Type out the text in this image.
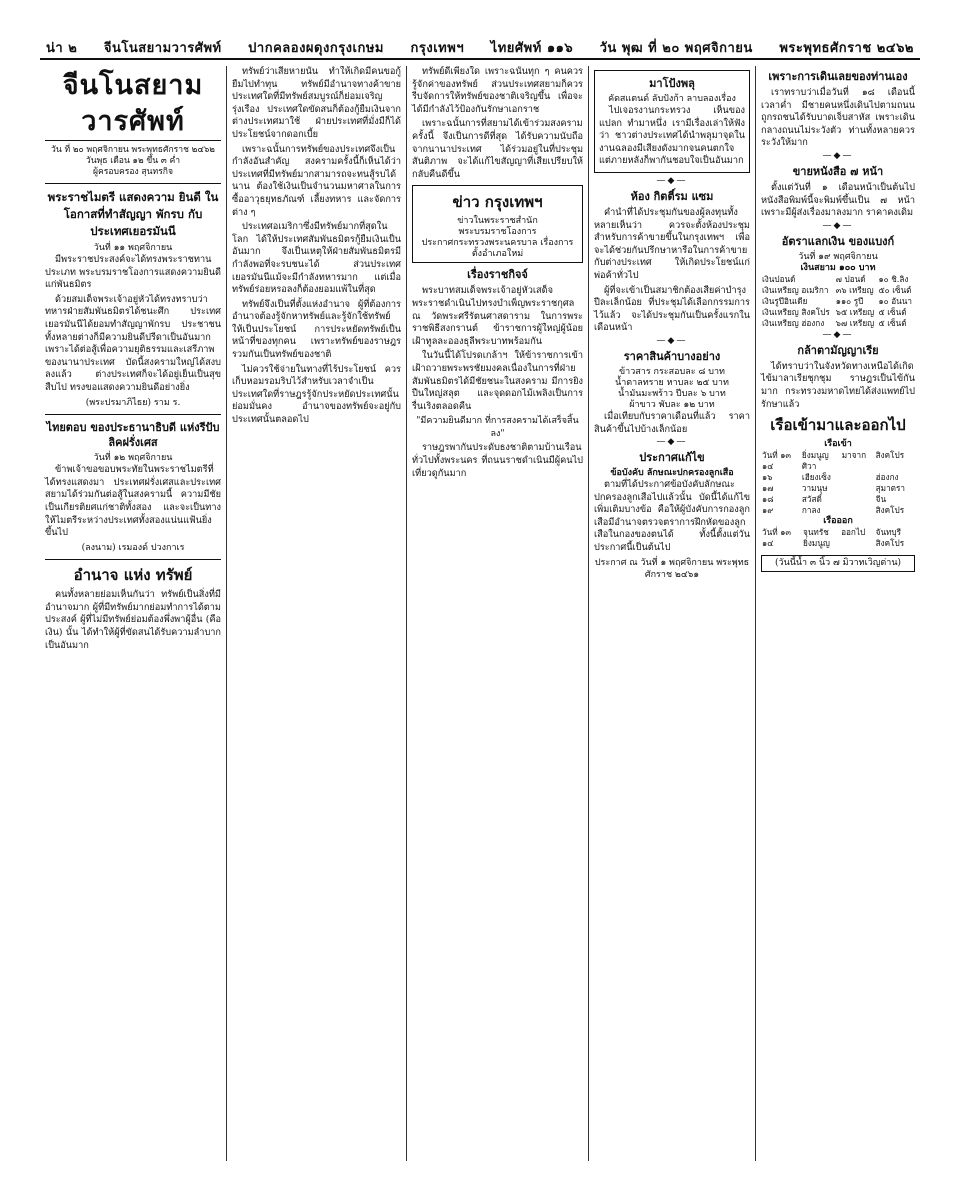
น่า ๒ จีนโนสยามวารศัพท์ ปากคลองผดุงกรุงเกษม กรุงเทพฯ ไทยศัพท์ ๑๑๖ วัน พุฒ ที่ ๒๐ พฤศจิกายน พระพุทธศักราช ๒๔๖๒
จีนโนสยามวารศัพท์
วัน ที่ ๒๐ พฤศจิกายน พระพุทธศักราช ๒๔๖๒
วันพุธ เดือน ๑๒ ขึ้น ๓ ค่ำ
ผู้ครอบครอง สุนทรกิจ
พระราชไมตรี แสดงความ ยินดี ในโอกาสที่ทำสัญญา พักรบ กับ ประเทศเยอรมันนี
วันที่ ๑๑ พฤศจิกายน

มีพระราชประสงค์จะได้ทรงพระราชทานประเภท พระบรมราชโองการแสดงความยินดีแก่พันธมิตร

ด้วยสมเด็จพระเจ้าอยู่หัวได้ทรงทราบว่า ทหารฝ่ายสัมพันธมิตรได้ชนะศึก ประเทศเยอรมันนีได้ยอมทำสัญญาพักรบ ประชาชนทั้งหลายต่างก็มีความยินดีปรีดาเป็นอันมาก เพราะได้ต่อสู้เพื่อความยุติธรรมและเสรีภาพของนานาประเทศ บัดนี้สงครามใหญ่ได้สงบลงแล้ว ต่างประเทศก็จะได้อยู่เย็นเป็นสุขสืบไป ทรงขอแสดงความยินดีอย่างยิ่ง

(พระปรมาภิไธย) ราม ร.
ไทยตอบ ของประธานาธิบดี แห่งรีปับลิคฝรั่งเศส
วันที่ ๑๒ พฤศจิกายน

ข้าพเจ้าขอขอบพระทัยในพระราชไมตรีที่ได้ทรงแสดงมา ประเทศฝรั่งเศสและประเทศสยามได้ร่วมกันต่อสู้ในสงครามนี้ ความมีชัยเป็นเกียรติยศแก่ชาติทั้งสอง และจะเป็นทางให้ไมตรีระหว่างประเทศทั้งสองแน่นแฟ้นยิ่งขึ้นไป

(ลงนาม) เรมองด์ ปวงกาเร
อำนาจ แห่ง ทรัพย์

คนทั้งหลายย่อมเห็นกันว่า ทรัพย์เป็นสิ่งที่มีอำนาจมาก ผู้ที่มีทรัพย์มากย่อมทำการได้ตามประสงค์ ผู้ที่ไม่มีทรัพย์ย่อมต้องพึ่งพาผู้อื่น (คือเงิน) นั้น ได้ทำให้ผู้ที่ขัดสนได้รับความลำบากเป็นอันมาก

ทรัพย์ว่าเสียหายนั้น ทำให้เกิดมีคนขอกู้ยืมไปทำทุน ทรัพย์มีอำนาจทางค้าขาย ประเทศใดที่มีทรัพย์สมบูรณ์ก็ย่อมเจริญรุ่งเรือง ประเทศใดขัดสนก็ต้องกู้ยืมเงินจากต่างประเทศมาใช้ ฝ่ายประเทศที่มั่งมีก็ได้ประโยชน์จากดอกเบี้ย

เพราะฉนั้นการทรัพย์ของประเทศจึงเป็นกำลังอันสำคัญ สงครามครั้งนี้ก็เห็นได้ว่าประเทศที่มีทรัพย์มากสามารถจะทนสู้รบได้นาน ต้องใช้เงินเป็นจำนวนมหาศาลในการซื้ออาวุธยุทธภัณฑ์ เลี้ยงทหาร และจัดการต่าง ๆ

ประเทศอเมริกาซึ่งมีทรัพย์มากที่สุดในโลก ได้ให้ประเทศสัมพันธมิตรกู้ยืมเงินเป็นอันมาก จึงเป็นเหตุให้ฝ่ายสัมพันธมิตรมีกำลังพอที่จะรบชนะได้ ส่วนประเทศเยอรมันนีแม้จะมีกำลังทหารมาก แต่เมื่อทรัพย์ร่อยหรอลงก็ต้องยอมแพ้ในที่สุด

ทรัพย์จึงเป็นที่ตั้งแห่งอำนาจ ผู้ที่ต้องการอำนาจต้องรู้จักหาทรัพย์และรู้จักใช้ทรัพย์ให้เป็นประโยชน์ การประหยัดทรัพย์เป็นหน้าที่ของทุกคน เพราะทรัพย์ของราษฎรรวมกันเป็นทรัพย์ของชาติ

ไม่ควรใช้จ่ายในทางที่ไร้ประโยชน์ ควรเก็บหอมรอมริบไว้สำหรับเวลาจำเป็น ประเทศใดที่ราษฎรรู้จักประหยัดประเทศนั้นย่อมมั่นคง อำนาจของทรัพย์จะอยู่กับประเทศนั้นตลอดไป

ทรัพย์ดีเพียงใด เพราะฉนั้นทุก ๆ คนควรรู้จักค่าของทรัพย์ ส่วนประเทศสยามก็ควรรีบจัดการให้ทรัพย์ของชาติเจริญขึ้น เพื่อจะได้มีกำลังไว้ป้องกันรักษาเอกราช

เพราะฉนั้นการที่สยามได้เข้าร่วมสงครามครั้งนี้ จึงเป็นการดีที่สุด ได้รับความนับถือจากนานาประเทศ ได้ร่วมอยู่ในที่ประชุมสันติภาพ จะได้แก้ไขสัญญาที่เสียเปรียบให้กลับคืนดีขึ้น

ข่าว กรุงเทพฯ
ข่าวในพระราชสำนัก
พระบรมราชโองการ
ประกาศกระทรวงพระนครบาล เรื่องการตั้งอำเภอใหม่
เรื่องราชกิจจ์

พระบาทสมเด็จพระเจ้าอยู่หัวเสด็จพระราชดำเนินไปทรงบำเพ็ญพระราชกุศล ณ วัดพระศรีรัตนศาสดาราม ในการพระราชพิธีสงกรานต์ ข้าราชการผู้ใหญ่ผู้น้อยเฝ้าทูลละอองธุลีพระบาทพร้อมกัน

ในวันนี้ได้โปรดเกล้าฯ ให้ข้าราชการเข้าเฝ้าถวายพระพรชัยมงคลเนื่องในการที่ฝ่ายสัมพันธมิตรได้มีชัยชนะในสงคราม มีการยิงปืนใหญ่สลุต และจุดดอกไม้เพลิงเป็นการรื่นเริงตลอดคืน

"มีความยินดีมาก ที่การสงครามได้เสร็จสิ้นลง"

ราษฎรพากันประดับธงชาติตามบ้านเรือนทั่วไปทั้งพระนคร ที่ถนนราชดำเนินมีผู้คนไปเที่ยวดูกันมาก

มาโป้งพลุ
คัดสแตนด์ ลับปังก้า ลาบลองเรื่อง

ไปเจอรงานกระทรวง เห็นของแปลก ทำมาหนึ่ง เรามีเรื่องเล่าให้ฟังว่า ชาวต่างประเทศได้นำพลุมาจุดในงานฉลองมีเสียงดังมากจนคนตกใจ แต่ภายหลังก็พากันชอบใจเป็นอันมาก

—◆—
ห้อง กิตติ์รม แซม

คำนำที่ได้ประชุมกันของผู้ลงทุนทั้งหลายเห็นว่า ควรจะตั้งห้องประชุมสำหรับการค้าขายขึ้นในกรุงเทพฯ เพื่อจะได้ช่วยกันปรึกษาหารือในการค้าขายกับต่างประเทศ ให้เกิดประโยชน์แก่พ่อค้าทั่วไป

ผู้ที่จะเข้าเป็นสมาชิกต้องเสียค่าบำรุงปีละเล็กน้อย ที่ประชุมได้เลือกกรรมการไว้แล้ว จะได้ประชุมกันเป็นครั้งแรกในเดือนหน้า

—◆—
ราคาสินค้าบางอย่าง
ข้าวสาร กระสอบละ ๘ บาท
น้ำตาลทราย หาบละ ๒๕ บาท
น้ำมันมะพร้าว ปีบละ ๖ บาท
ผ้าขาว พับละ ๑๒ บาท

เมื่อเทียบกับราคาเดือนที่แล้ว ราคาสินค้าขึ้นไปบ้างเล็กน้อย

—◆—
ประกาศแก้ไข
ข้อบังคับ ลักษณะปกครองลูกเสือ

ตามที่ได้ประกาศข้อบังคับลักษณะปกครองลูกเสือไปแล้วนั้น บัดนี้ได้แก้ไขเพิ่มเติมบางข้อ คือให้ผู้บังคับการกองลูกเสือมีอำนาจตรวจตราการฝึกหัดของลูกเสือในกองของตนได้ ทั้งนี้ตั้งแต่วันประกาศนี้เป็นต้นไป

ประกาศ ณ วันที่ ๑ พฤศจิกายน พระพุทธศักราช ๒๔๖๑
เพราะการเดินเลยของท่านเอง

เราทราบว่าเมื่อวันที่ ๑๘ เดือนนี้ เวลาค่ำ มีชายคนหนึ่งเดินไปตามถนน ถูกรถชนได้รับบาดเจ็บสาหัส เพราะเดินกลางถนนไม่ระวังตัว ท่านทั้งหลายควรระวังให้มาก

—◆—
ขายหนังสือ ๗ หน้า

ตั้งแต่วันที่ ๑ เดือนหน้าเป็นต้นไป หนังสือพิมพ์นี้จะพิมพ์ขึ้นเป็น ๗ หน้า เพราะมีผู้ส่งเรื่องมาลงมาก ราคาคงเดิม

—◆—
อัตราแลกเงิน ของแบงก์
วันที่ ๑๙ พฤศจิกายน
เงินสยาม ๑๐๐ บาท
เงินปอนด์	๗ ปอนด์	๑๐ ชิ.ลิง
เงินเหรียญ อเมริกา	๓๖ เหรียญ	๕๐ เซ็นต์
เงินรูปีอินเดีย	๑๑๐ รูปี	๑๐ อันนา
เงินเหรียญ สิงคโปร	๖๕ เหรียญ	๕ เซ็นต์
เงินเหรียญ ฮ่องกง	๖๗ เหรียญ	๕ เซ็นต์
—◆—
กล้าตามัญญาเรีย

ได้ทราบว่าในจังหวัดทางเหนือได้เกิดไข้มาลาเรียชุกชุม ราษฎรเป็นไข้กันมาก กระทรวงมหาดไทยได้ส่งแพทย์ไปรักษาแล้ว

เรือเข้ามาและออกไป
เรือเข้า
วันที่ ๑๓	ยิ่งมนูญ	มาจาก	สิงคโปร
๑๔	ศิวา		
๑๖	เฮียงเซ็ง		ฮ่องกง
๑๗	วามนุษ		สุมาตรา
๑๘	สวัสดิ์		จีน
๑๙	กาลง		สิงคโปร
เรือออก
วันที่ ๑๓	จุนทรัช	ออกไป	จันทบุรี
๑๔	ยิ่งมนูญ		สิงคโปร
(วันนี้น้ำ ๓ นิ้ว ๗ มิวาทเวิญต่าน)
